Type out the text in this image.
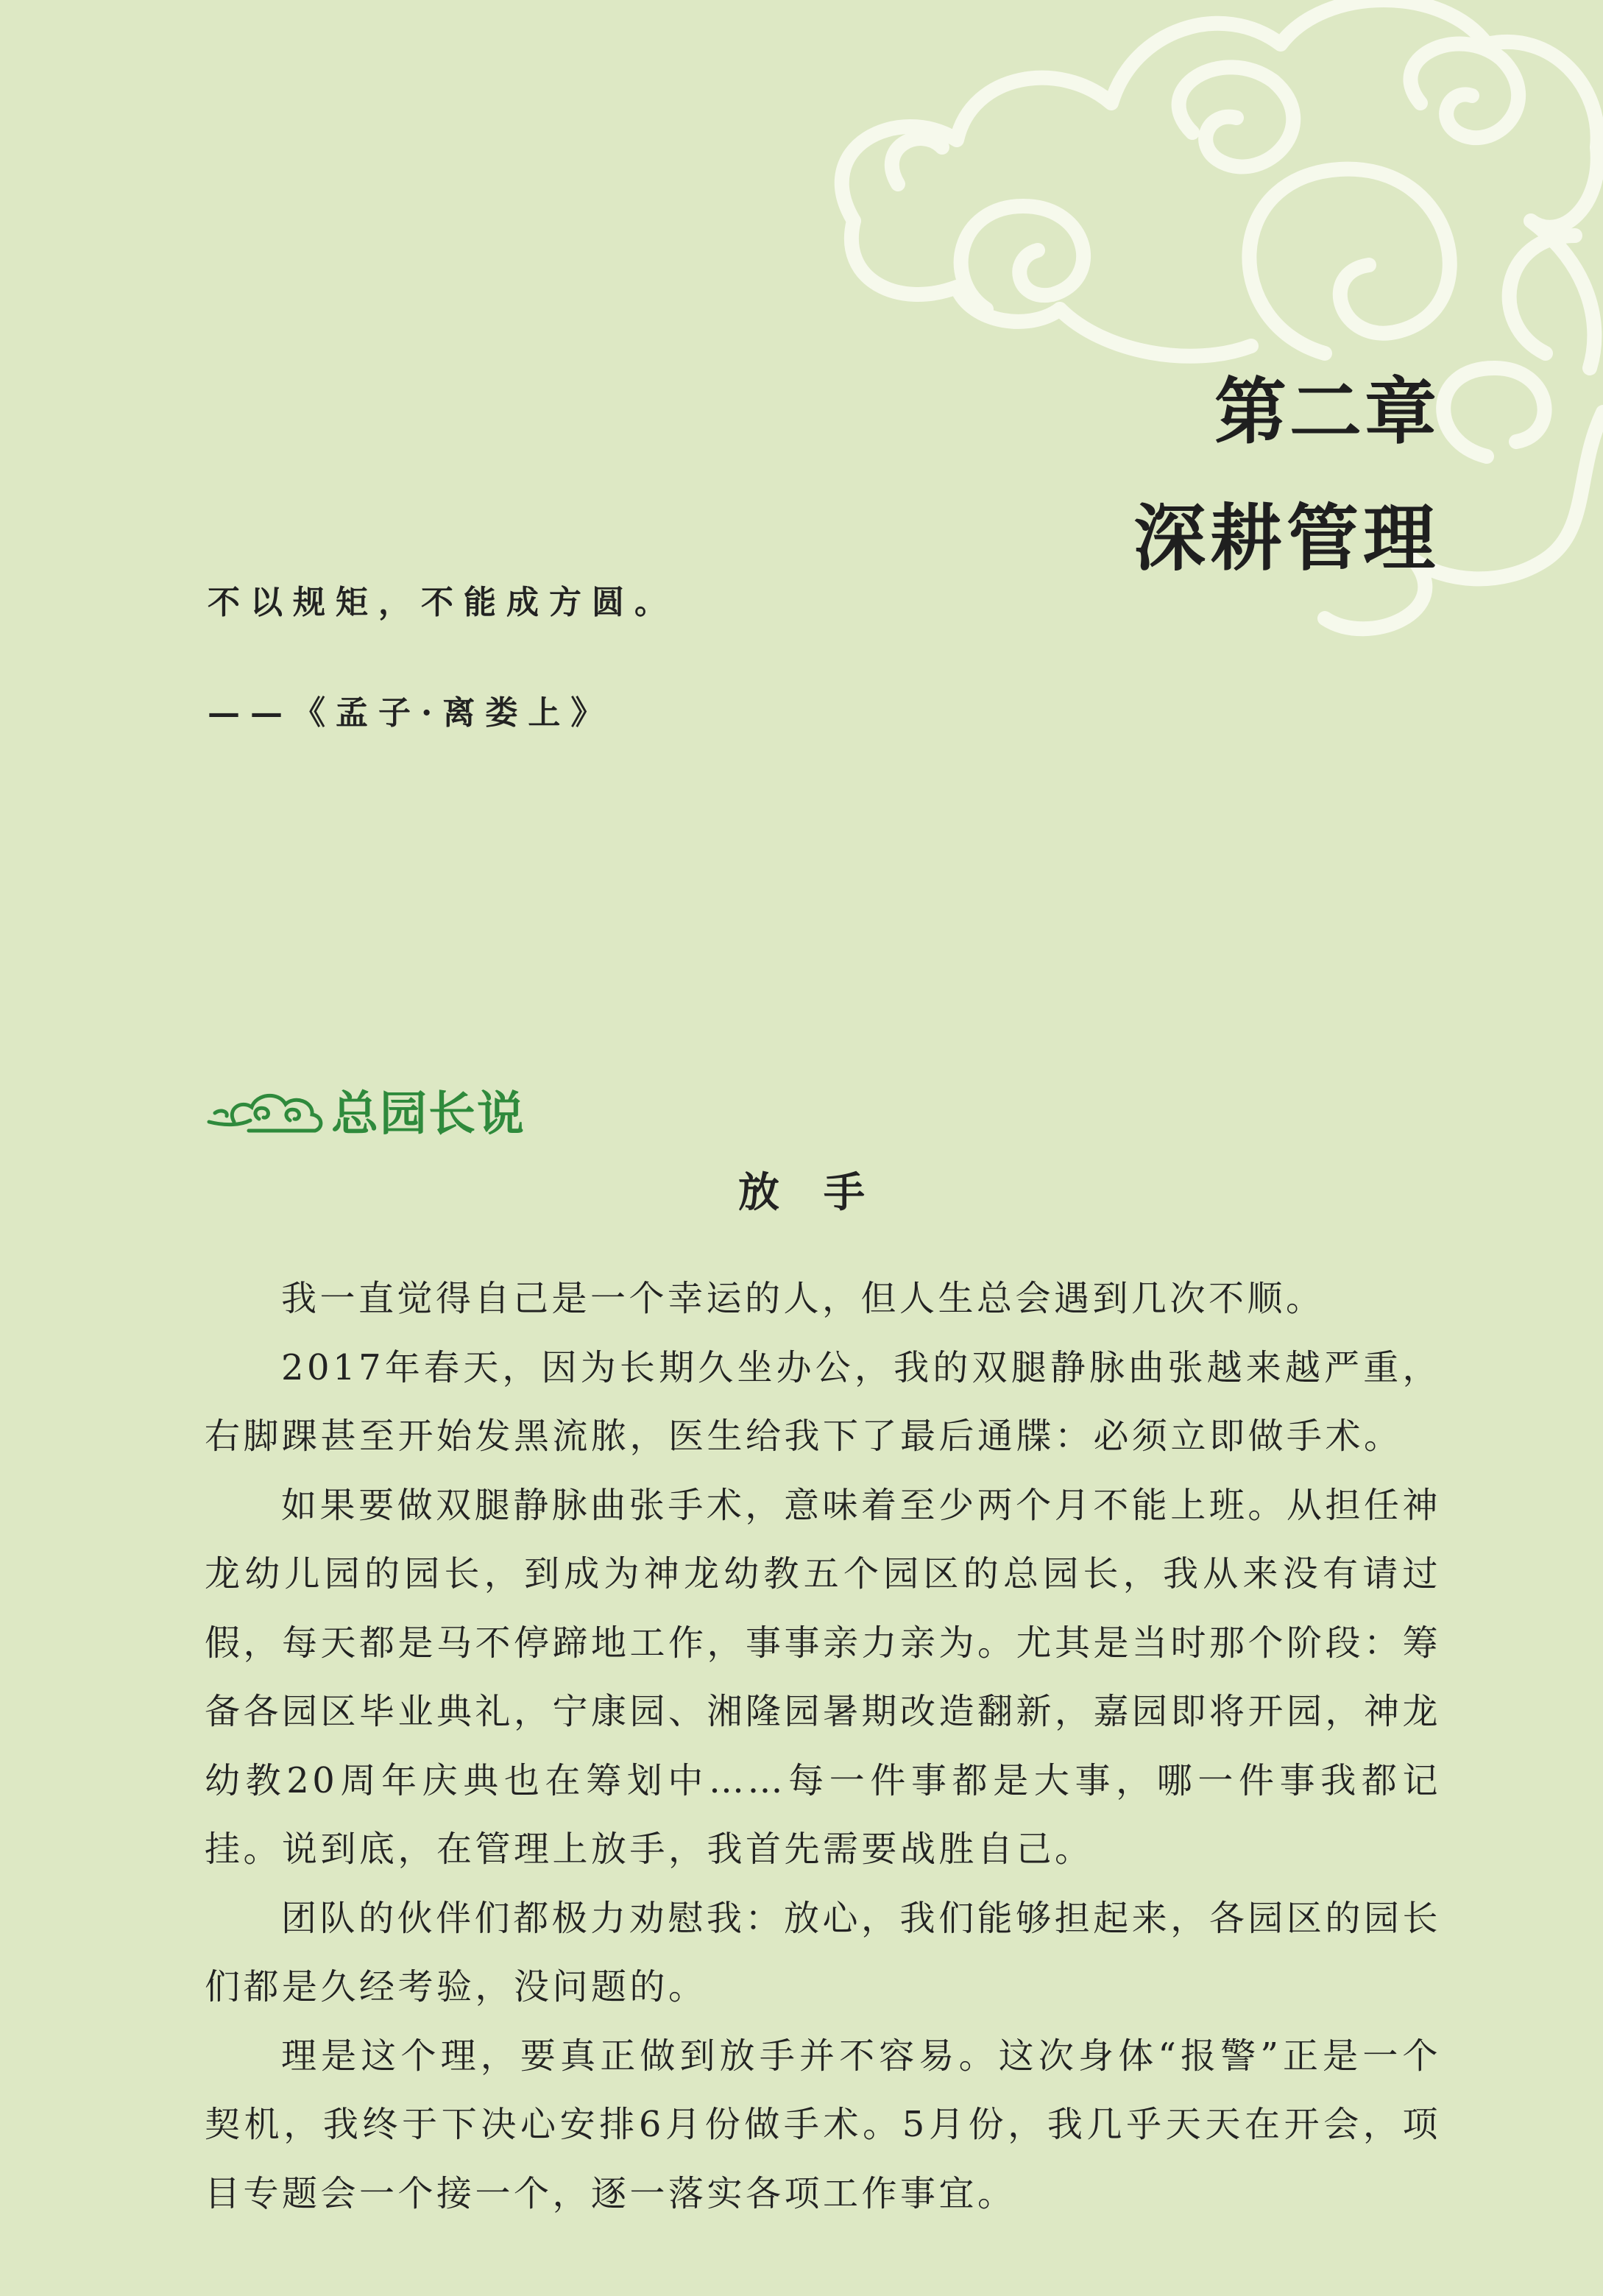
第二章
深耕管理
不以规矩，不能成方圆。
——《孟子·离娄上》
总园长说
放手

我一直觉得自己是一个幸运的人，但人生总会遇到几次不顺。

2017年春天，因为长期久坐办公，我的双腿静脉曲张越来越严重，右脚踝甚至开始发黑流脓，医生给我下了最后通牒：必须立即做手术。

如果要做双腿静脉曲张手术，意味着至少两个月不能上班。从担任神龙幼儿园的园长，到成为神龙幼教五个园区的总园长，我从来没有请过假，每天都是马不停蹄地工作，事事亲力亲为。尤其是当时那个阶段：筹备各园区毕业典礼，宁康园、湘隆园暑期改造翻新，嘉园即将开园，神龙幼教20周年庆典也在筹划中……每一件事都是大事，哪一件事我都记挂。说到底，在管理上放手，我首先需要战胜自己。

团队的伙伴们都极力劝慰我：放心，我们能够担起来，各园区的园长们都是久经考验，没问题的。

理是这个理，要真正做到放手并不容易。这次身体“报警”正是一个契机，我终于下决心安排6月份做手术。5月份，我几乎天天在开会，项目专题会一个接一个，逐一落实各项工作事宜。
